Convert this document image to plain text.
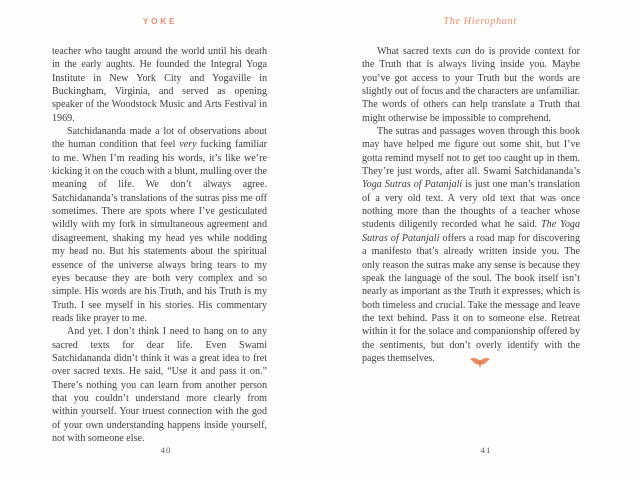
YOKE

teacher who taught around the world until his death in the early aughts. He founded the Integral Yoga Institute in New York City and Yogaville in Buckingham, Virginia, and served as opening speaker of the Woodstock Music and Arts Festival in 1969.

Satchidananda made a lot of observations about the human condition that feel very fucking familiar to me. When I’m reading his words, it’s like we’re kicking it on the couch with a blunt, mulling over the meaning of life. We don’t always agree. Satchidananda’s translations of the sutras piss me off sometimes. There are spots where I’ve gesticulated wildly with my fork in simultaneous agreement and disagreement, shaking my head yes while nodding my head no. But his statements about the spiritual essence of the universe always bring tears to my eyes because they are both very complex and so simple. His words are his Truth, and his Truth is my Truth. I see myself in his stories. His commentary reads like prayer to me.

And yet. I don’t think I need to hang on to any sacred texts for dear life. Even Swami Satchidananda didn’t think it was a great idea to fret over sacred texts. He said, “Use it and pass it on.” There’s nothing you can learn from another person that you couldn’t understand more clearly from within yourself. Your truest connection with the god of your own understanding happens inside yourself, not with someone else.

40
The Hierophant

What sacred texts can do is provide context for the Truth that is always living inside you. Maybe you’ve got access to your Truth but the words are slightly out of focus and the characters are unfamiliar. The words of others can help translate a Truth that might otherwise be impossible to comprehend.

The sutras and passages woven through this book may have helped me figure out some shit, but I’ve gotta remind myself not to get too caught up in them. They’re just words, after all. Swami Satchidananda’s Yoga Sutras of Patanjali is just one man’s translation of a very old text. A very old text that was once nothing more than the thoughts of a teacher whose students diligently recorded what he said. The Yoga Sutras of Patanjali offers a road map for discovering a manifesto that’s already written inside you. The only reason the sutras make any sense is because they speak the language of the soul. The book itself isn’t nearly as important as the Truth it expresses, which is both timeless and crucial. Take the message and leave the text behind. Pass it on to someone else. Retreat within it for the solace and companionship offered by the sentiments, but don’t overly identify with the pages themselves.

41
